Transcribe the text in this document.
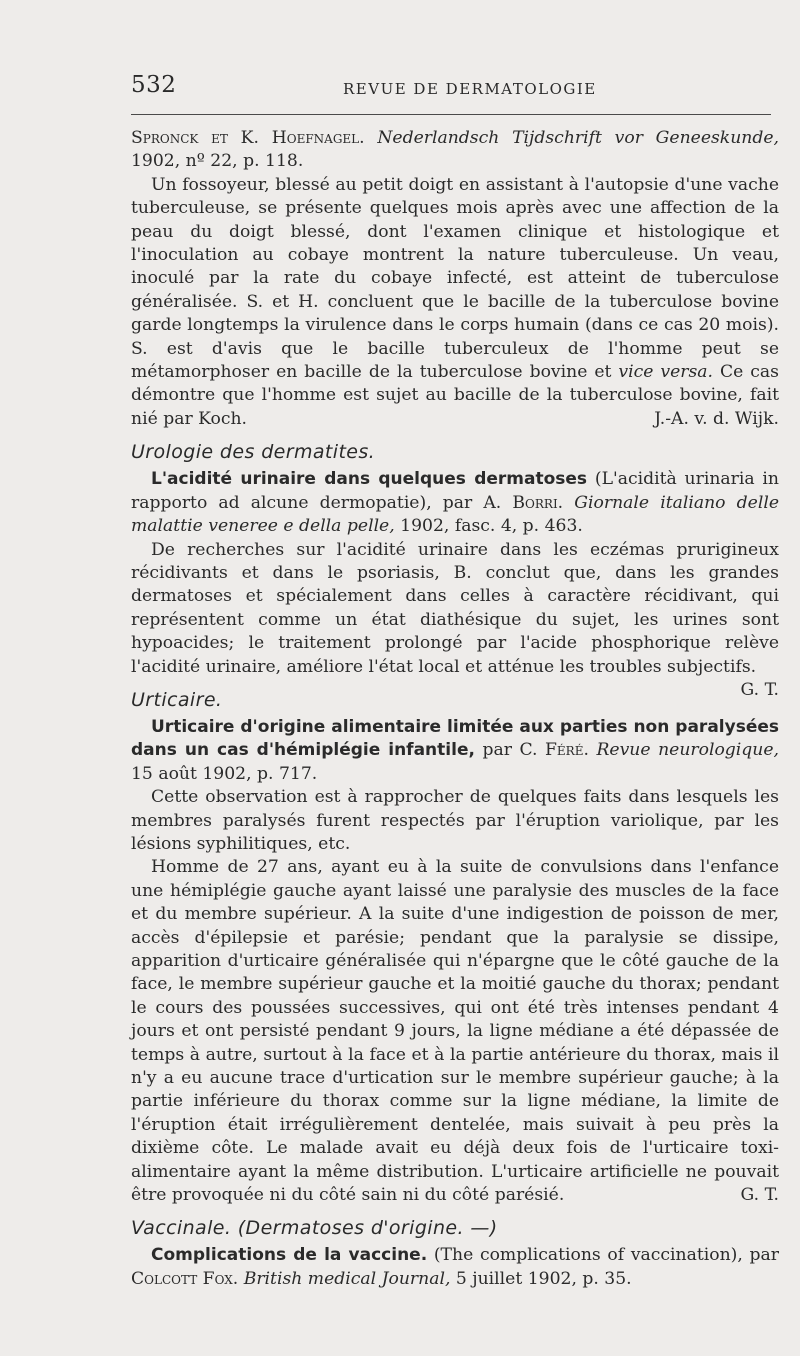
532	REVUE DE DERMATOLOGIE

Spronck et K. Hoefnagel. Nederlandsch Tijdschrift vor Geneeskunde, 1902, nº 22, p. 118.

Un fossoyeur, blessé au petit doigt en assistant à l'autopsie d'une vache tuberculeuse, se présente quelques mois après avec une affection de la peau du doigt blessé, dont l'examen clinique et histologique et l'inoculation au cobaye montrent la nature tuberculeuse. Un veau, inoculé par la rate du cobaye infecté, est atteint de tuberculose généralisée. S. et H. concluent que le bacille de la tuberculose bovine garde longtemps la virulence dans le corps humain (dans ce cas 20 mois). S. est d'avis que le bacille tuberculeux de l'homme peut se métamorphoser en bacille de la tuberculose bovine et vice versa. Ce cas démontre que l'homme est sujet au bacille de la tuberculose bovine, fait nié par Koch.	J.-A. v. d. Wijk.

Urologie des dermatites.

L'acidité urinaire dans quelques dermatoses (L'acidità urinaria in rapporto ad alcune dermopatie), par A. Borri. Giornale italiano delle malattie veneree e della pelle, 1902, fasc. 4, p. 463.

De recherches sur l'acidité urinaire dans les eczémas prurigineux récidivants et dans le psoriasis, B. conclut que, dans les grandes dermatoses et spécialement dans celles à caractère récidivant, qui représentent comme un état diathésique du sujet, les urines sont hypoacides; le traitement prolongé par l'acide phosphorique relève l'acidité urinaire, améliore l'état local et atténue les troubles subjectifs.
G. T.

Urticaire.

Urticaire d'origine alimentaire limitée aux parties non paralysées dans un cas d'hémiplégie infantile, par C. Féré. Revue neurologique, 15 août 1902, p. 717.

Cette observation est à rapprocher de quelques faits dans lesquels les membres paralysés furent respectés par l'éruption variolique, par les lésions syphilitiques, etc.

Homme de 27 ans, ayant eu à la suite de convulsions dans l'enfance une hémiplégie gauche ayant laissé une paralysie des muscles de la face et du membre supérieur. A la suite d'une indigestion de poisson de mer, accès d'épilepsie et parésie; pendant que la paralysie se dissipe, apparition d'urticaire généralisée qui n'épargne que le côté gauche de la face, le membre supérieur gauche et la moitié gauche du thorax; pendant le cours des poussées successives, qui ont été très intenses pendant 4 jours et ont persisté pendant 9 jours, la ligne médiane a été dépassée de temps à autre, surtout à la face et à la partie antérieure du thorax, mais il n'y a eu aucune trace d'urtication sur le membre supérieur gauche; à la partie inférieure du thorax comme sur la ligne médiane, la limite de l'éruption était irrégulièrement dentelée, mais suivait à peu près la dixième côte. Le malade avait eu déjà deux fois de l'urticaire toxi-alimentaire ayant la même distribution. L'urticaire artificielle ne pouvait être provoquée ni du côté sain ni du côté parésié.	G. T.

Vaccinale. (Dermatoses d'origine. —)

Complications de la vaccine. (The complications of vaccination), par Colcott Fox. British medical Journal, 5 juillet 1902, p. 35.
